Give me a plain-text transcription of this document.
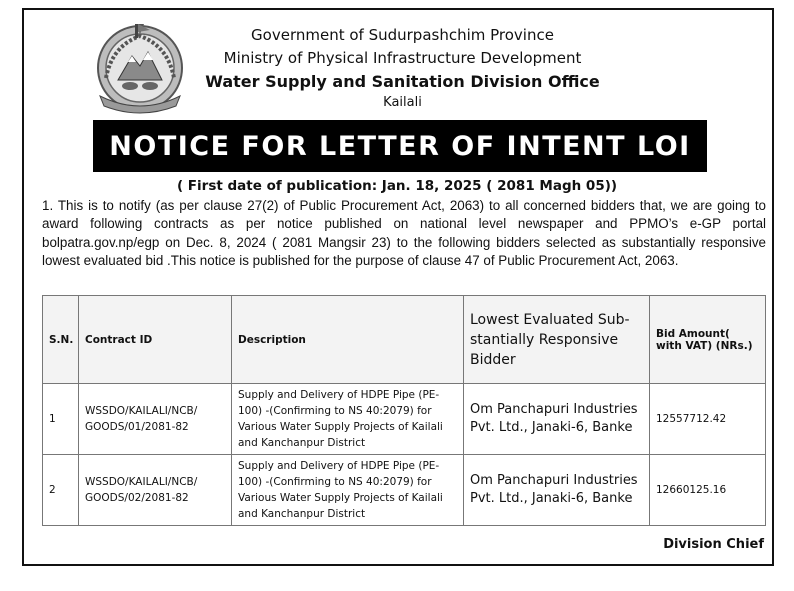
Government of Sudurpashchim Province
Ministry of Physical Infrastructure Development
Water Supply and Sanitation Division Office
Kailali
NOTICE FOR LETTER OF INTENT LOI
( First date of publication: Jan. 18, 2025 ( 2081 Magh 05))
1. This is to notify (as per clause 27(2) of Public Procurement Act, 2063) to all concerned bidders that, we are going to award following contracts as per notice published on national level newspaper and PPMO’s e-GP portal bolpatra.gov.np/egp on Dec. 8, 2024 ( 2081 Mangsir 23) to the following bidders selected as substantially responsive lowest evaluated bid .This notice is published for the purpose of clause 47 of Public Procurement Act, 2063.
S.N.	Contract ID	Description	Lowest Evaluated Sub-stantially Responsive Bidder	Bid Amount( with VAT) (NRs.)
1	WSSDO/KAILALI/NCB/ GOODS/01/2081-82	Supply and Delivery of HDPE Pipe (PE-100) -(Confirming to NS 40:2079) for Various Water Supply Projects of Kailali and Kanchanpur District	Om Panchapuri Industries Pvt. Ltd., Janaki-6, Banke	12557712.42
2	WSSDO/KAILALI/NCB/ GOODS/02/2081-82	Supply and Delivery of HDPE Pipe (PE-100) -(Confirming to NS 40:2079) for Various Water Supply Projects of Kailali and Kanchanpur District	Om Panchapuri Industries Pvt. Ltd., Janaki-6, Banke	12660125.16
Division Chief
